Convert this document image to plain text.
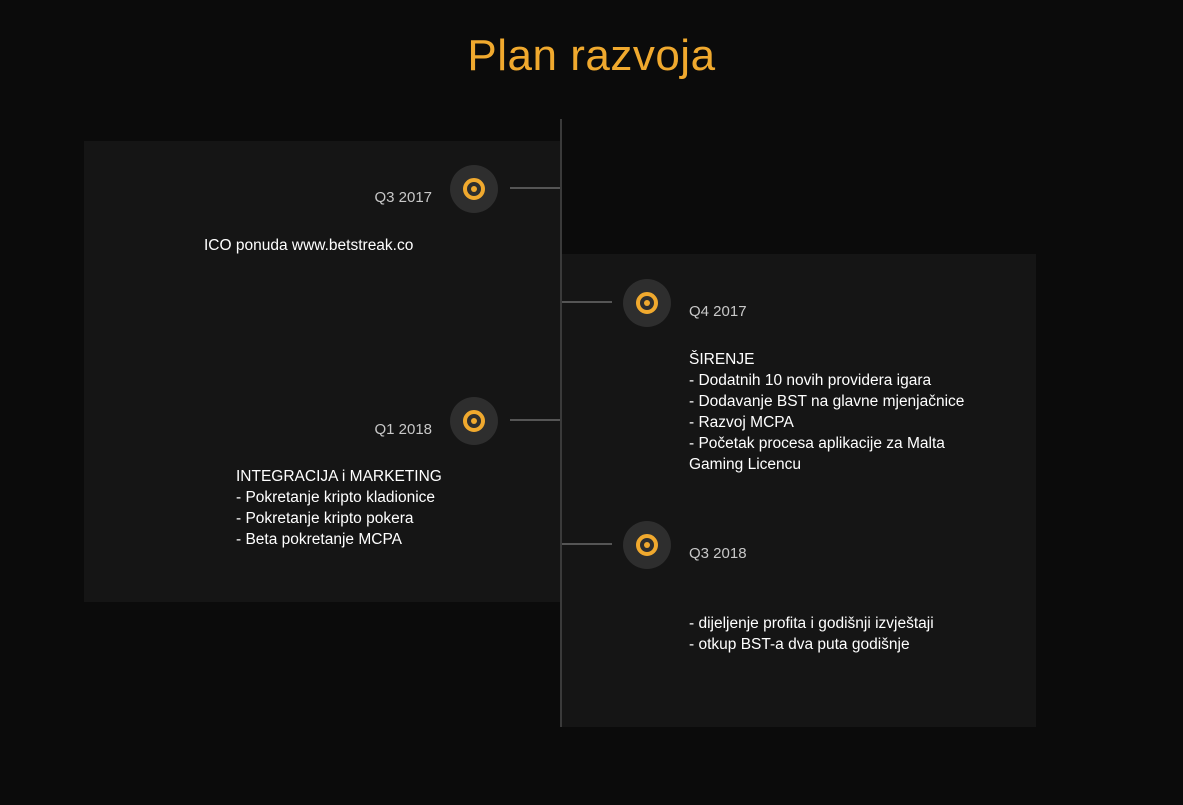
Plan razvoja
Q3 2017
ICO ponuda www.betstreak.co
Q4 2017
ŠIRENJE
- Dodatnih 10 novih providera igara
- Dodavanje BST na glavne mjenjačnice
- Razvoj MCPA
- Početak procesa aplikacije za Malta
Gaming Licencu
Q1 2018
INTEGRACIJA i MARKETING
- Pokretanje kripto kladionice
- Pokretanje kripto pokera
- Beta pokretanje MCPA
Q3 2018
- dijeljenje profita i godišnji izvještaji
- otkup BST-a dva puta godišnje
